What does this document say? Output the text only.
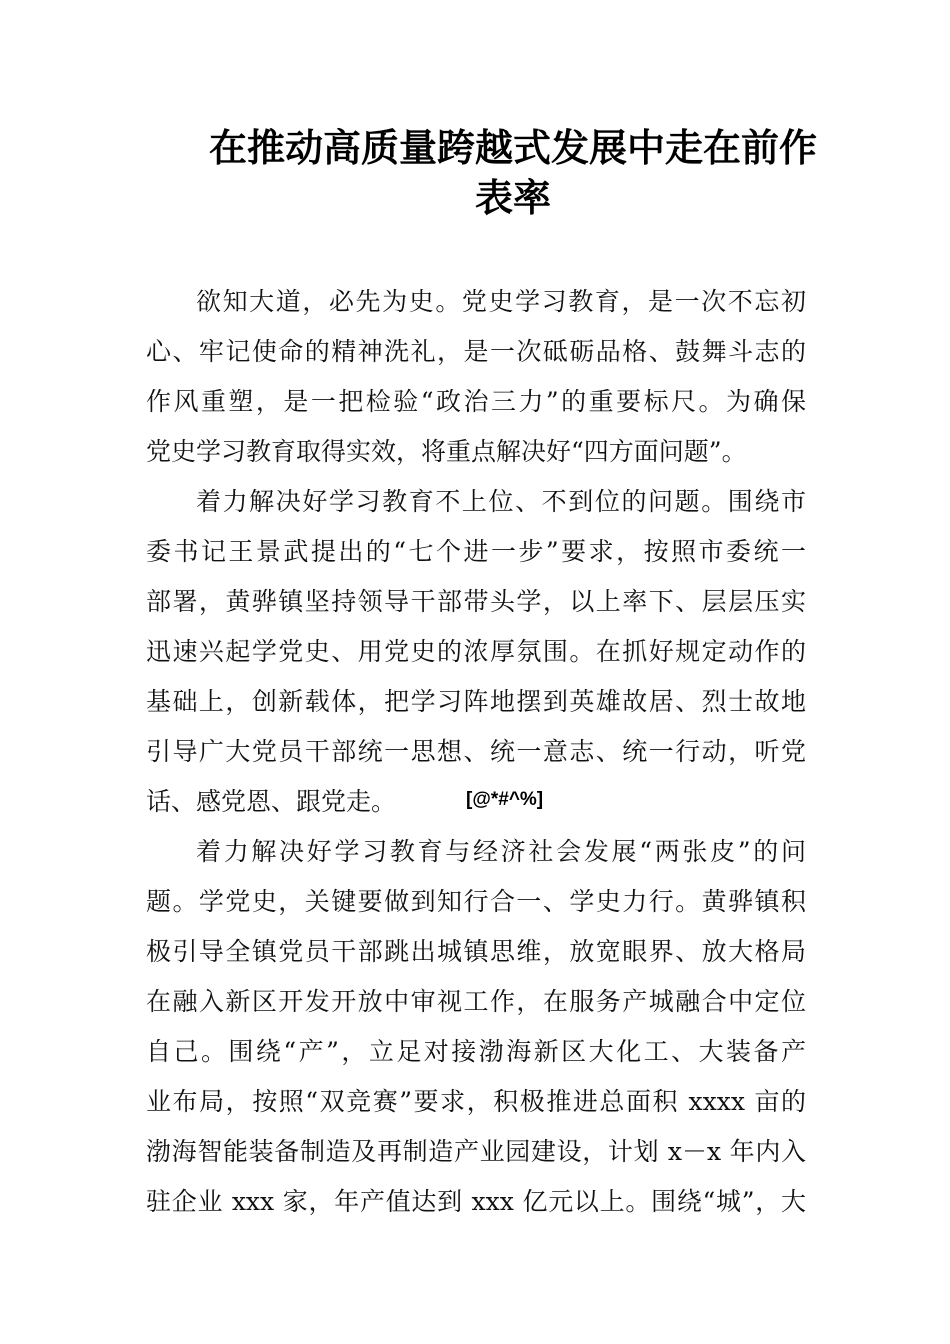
在推动高质量跨越式发展中走在前作
表率
欲知大道，必先为史。党史学习教育，是一次不忘初
心、牢记使命的精神洗礼，是一次砥砺品格、鼓舞斗志的
作风重塑，是一把检验“政治三力”的重要标尺。为确保
党史学习教育取得实效，将重点解决好“四方面问题”。
着力解决好学习教育不上位、不到位的问题。围绕市
委书记王景武提出的“七个进一步”要求，按照市委统一
部署，黄骅镇坚持领导干部带头学，以上率下、层层压实
迅速兴起学党史、用党史的浓厚氛围。在抓好规定动作的
基础上，创新载体，把学习阵地摆到英雄故居、烈士故地
引导广大党员干部统一思想、统一意志、统一行动，听党
话、感党恩、跟党走。	[@*#^%]
着力解决好学习教育与经济社会发展“两张皮”的问
题。学党史，关键要做到知行合一、学史力行。黄骅镇积
极引导全镇党员干部跳出城镇思维，放宽眼界、放大格局
在融入新区开发开放中审视工作，在服务产城融合中定位
自己。围绕“产”，立足对接渤海新区大化工、大装备产
业布局，按照“双竞赛”要求，积极推进总面积 xxxx 亩的
渤海智能装备制造及再制造产业园建设，计划 x－x 年内入
驻企业 xxx 家，年产值达到 xxx 亿元以上。围绕“城”，大
